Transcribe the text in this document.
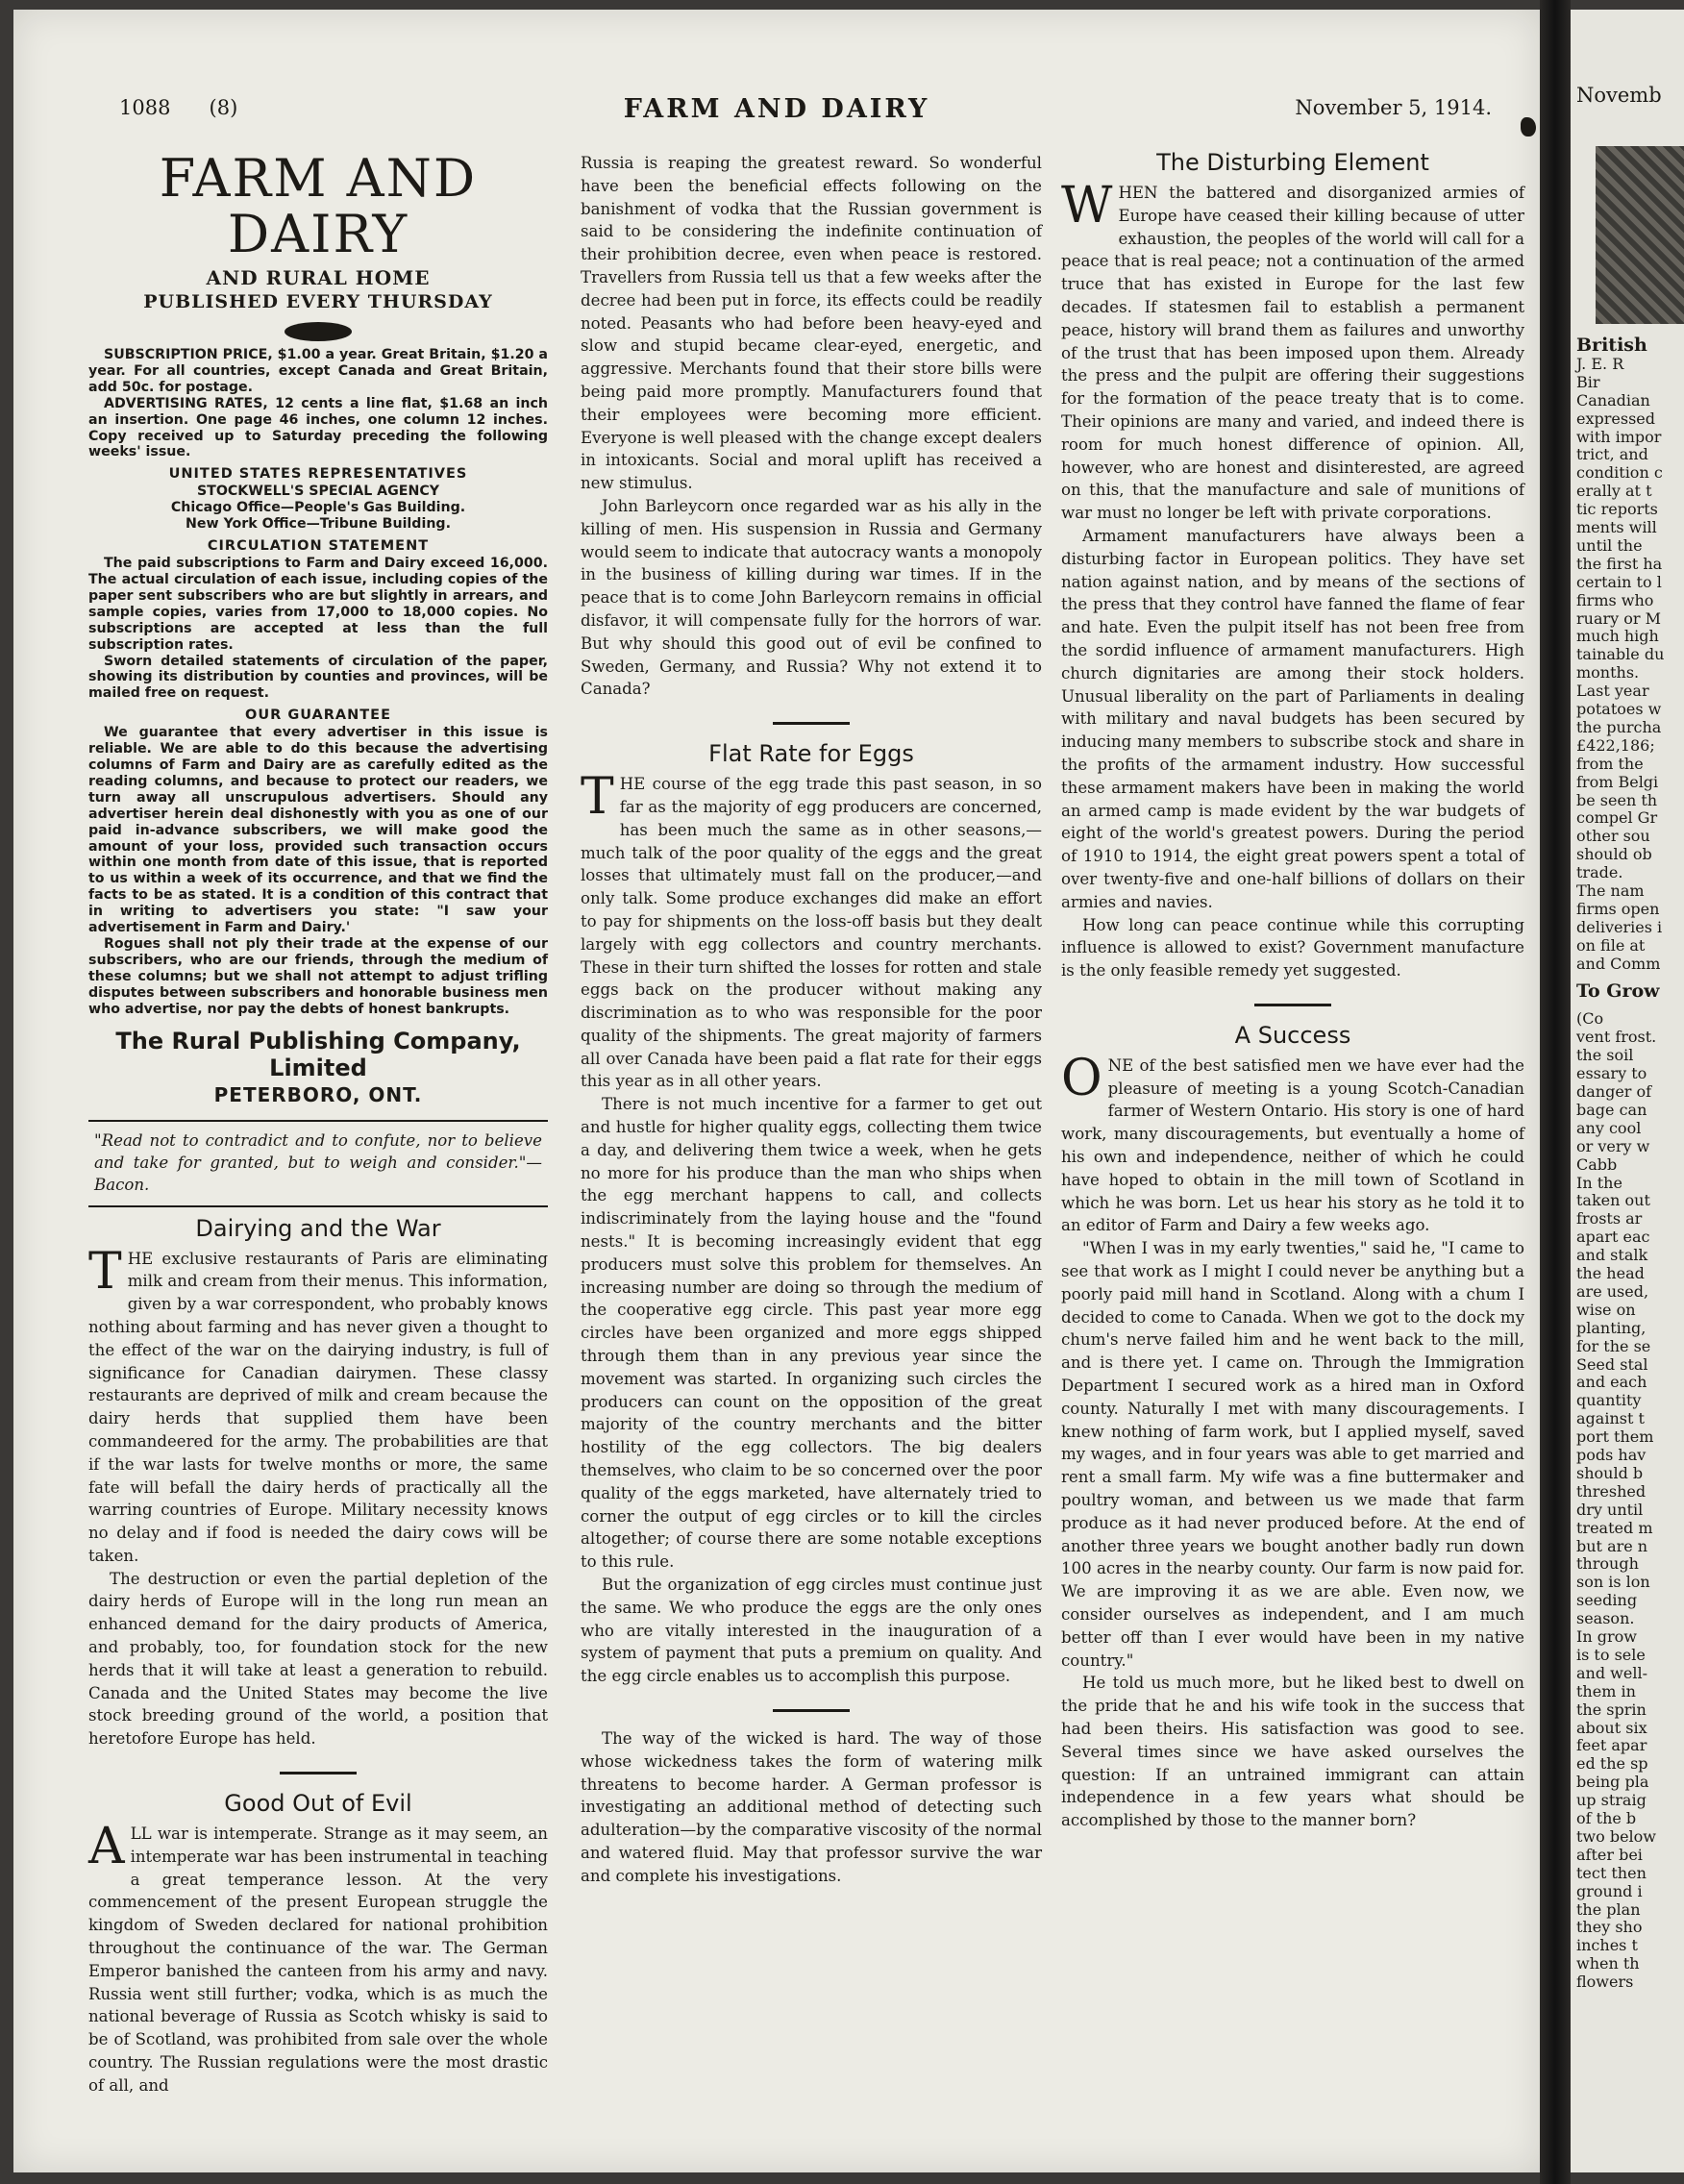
1088 (8)	FARM AND DAIRY	November 5, 1914.
FARM AND DAIRY
AND RURAL HOME
PUBLISHED EVERY THURSDAY

SUBSCRIPTION PRICE, $1.00 a year. Great Britain, $1.20 a year. For all countries, except Canada and Great Britain, add 50c. for postage.

ADVERTISING RATES, 12 cents a line flat, $1.68 an inch an insertion. One page 46 inches, one column 12 inches. Copy received up to Saturday preceding the following weeks' issue.

UNITED STATES REPRESENTATIVES

STOCKWELL'S SPECIAL AGENCY

Chicago Office—People's Gas Building.

New York Office—Tribune Building.

CIRCULATION STATEMENT

The paid subscriptions to Farm and Dairy exceed 16,000. The actual circulation of each issue, including copies of the paper sent subscribers who are but slightly in arrears, and sample copies, varies from 17,000 to 18,000 copies. No subscriptions are accepted at less than the full subscription rates.

Sworn detailed statements of circulation of the paper, showing its distribution by counties and provinces, will be mailed free on request.

OUR GUARANTEE

We guarantee that every advertiser in this issue is reliable. We are able to do this because the advertising columns of Farm and Dairy are as carefully edited as the reading columns, and because to protect our readers, we turn away all unscrupulous advertisers. Should any advertiser herein deal dishonestly with you as one of our paid in-advance subscribers, we will make good the amount of your loss, provided such transaction occurs within one month from date of this issue, that is reported to us within a week of its occurrence, and that we find the facts to be as stated. It is a condition of this contract that in writing to advertisers you state: "I saw your advertisement in Farm and Dairy.'

Rogues shall not ply their trade at the expense of our subscribers, who are our friends, through the medium of these columns; but we shall not attempt to adjust trifling disputes between subscribers and honorable business men who advertise, nor pay the debts of honest bankrupts.

The Rural Publishing Company, Limited
PETERBORO, ONT.

"Read not to contradict and to confute, nor to believe and take for granted, but to weigh and consider."—Bacon.

Dairying and the War

THE exclusive restaurants of Paris are eliminating milk and cream from their menus. This information, given by a war correspondent, who probably knows nothing about farming and has never given a thought to the effect of the war on the dairying industry, is full of significance for Canadian dairymen. These classy restaurants are deprived of milk and cream because the dairy herds that supplied them have been commandeered for the army. The probabilities are that if the war lasts for twelve months or more, the same fate will befall the dairy herds of practically all the warring countries of Europe. Military necessity knows no delay and if food is needed the dairy cows will be taken.

The destruction or even the partial depletion of the dairy herds of Europe will in the long run mean an enhanced demand for the dairy products of America, and probably, too, for foundation stock for the new herds that it will take at least a generation to rebuild. Canada and the United States may become the live stock breeding ground of the world, a position that heretofore Europe has held.

Good Out of Evil

ALL war is intemperate. Strange as it may seem, an intemperate war has been instrumental in teaching a great temperance lesson. At the very commencement of the present European struggle the kingdom of Sweden declared for national prohibition throughout the continuance of the war. The German Emperor banished the canteen from his army and navy. Russia went still further; vodka, which is as much the national beverage of Russia as Scotch whisky is said to be of Scotland, was prohibited from sale over the whole country. The Russian regulations were the most drastic of all, and

Russia is reaping the greatest reward. So wonderful have been the beneficial effects following on the banishment of vodka that the Russian government is said to be considering the indefinite continuation of their prohibition decree, even when peace is restored. Travellers from Russia tell us that a few weeks after the decree had been put in force, its effects could be readily noted. Peasants who had before been heavy-eyed and slow and stupid became clear-eyed, energetic, and aggressive. Merchants found that their store bills were being paid more promptly. Manufacturers found that their employees were becoming more efficient. Everyone is well pleased with the change except dealers in intoxicants. Social and moral uplift has received a new stimulus.

John Barleycorn once regarded war as his ally in the killing of men. His suspension in Russia and Germany would seem to indicate that autocracy wants a monopoly in the business of killing during war times. If in the peace that is to come John Barleycorn remains in official disfavor, it will compensate fully for the horrors of war. But why should this good out of evil be confined to Sweden, Germany, and Russia? Why not extend it to Canada?

Flat Rate for Eggs

THE course of the egg trade this past season, in so far as the majority of egg producers are concerned, has been much the same as in other seasons,—much talk of the poor quality of the eggs and the great losses that ultimately must fall on the producer,—and only talk. Some produce exchanges did make an effort to pay for shipments on the loss-off basis but they dealt largely with egg collectors and country merchants. These in their turn shifted the losses for rotten and stale eggs back on the producer without making any discrimination as to who was responsible for the poor quality of the shipments. The great majority of farmers all over Canada have been paid a flat rate for their eggs this year as in all other years.

There is not much incentive for a farmer to get out and hustle for higher quality eggs, collecting them twice a day, and delivering them twice a week, when he gets no more for his produce than the man who ships when the egg merchant happens to call, and collects indiscriminately from the laying house and the "found nests." It is becoming increasingly evident that egg producers must solve this problem for themselves. An increasing number are doing so through the medium of the cooperative egg circle. This past year more egg circles have been organized and more eggs shipped through them than in any previous year since the movement was started. In organizing such circles the producers can count on the opposition of the great majority of the country merchants and the bitter hostility of the egg collectors. The big dealers themselves, who claim to be so concerned over the poor quality of the eggs marketed, have alternately tried to corner the output of egg circles or to kill the circles altogether; of course there are some notable exceptions to this rule.

But the organization of egg circles must continue just the same. We who produce the eggs are the only ones who are vitally interested in the inauguration of a system of payment that puts a premium on quality. And the egg circle enables us to accomplish this purpose.

The way of the wicked is hard. The way of those whose wickedness takes the form of watering milk threatens to become harder. A German professor is investigating an additional method of detecting such adulteration—by the comparative viscosity of the normal and watered fluid. May that professor survive the war and complete his investigations.

The Disturbing Element

WHEN the battered and disorganized armies of Europe have ceased their killing because of utter exhaustion, the peoples of the world will call for a peace that is real peace; not a continuation of the armed truce that has existed in Europe for the last few decades. If statesmen fail to establish a permanent peace, history will brand them as failures and unworthy of the trust that has been imposed upon them. Already the press and the pulpit are offering their suggestions for the formation of the peace treaty that is to come. Their opinions are many and varied, and indeed there is room for much honest difference of opinion. All, however, who are honest and disinterested, are agreed on this, that the manufacture and sale of munitions of war must no longer be left with private corporations.

Armament manufacturers have always been a disturbing factor in European politics. They have set nation against nation, and by means of the sections of the press that they control have fanned the flame of fear and hate. Even the pulpit itself has not been free from the sordid influence of armament manufacturers. High church dignitaries are among their stock holders. Unusual liberality on the part of Parliaments in dealing with military and naval budgets has been secured by inducing many members to subscribe stock and share in the profits of the armament industry. How successful these armament makers have been in making the world an armed camp is made evident by the war budgets of eight of the world's greatest powers. During the period of 1910 to 1914, the eight great powers spent a total of over twenty-five and one-half billions of dollars on their armies and navies.

How long can peace continue while this corrupting influence is allowed to exist? Government manufacture is the only feasible remedy yet suggested.

A Success

ONE of the best satisfied men we have ever had the pleasure of meeting is a young Scotch-Canadian farmer of Western Ontario. His story is one of hard work, many discouragements, but eventually a home of his own and independence, neither of which he could have hoped to obtain in the mill town of Scotland in which he was born. Let us hear his story as he told it to an editor of Farm and Dairy a few weeks ago.

"When I was in my early twenties," said he, "I came to see that work as I might I could never be anything but a poorly paid mill hand in Scotland. Along with a chum I decided to come to Canada. When we got to the dock my chum's nerve failed him and he went back to the mill, and is there yet. I came on. Through the Immigration Department I secured work as a hired man in Oxford county. Naturally I met with many discouragements. I knew nothing of farm work, but I applied myself, saved my wages, and in four years was able to get married and rent a small farm. My wife was a fine buttermaker and poultry woman, and between us we made that farm produce as it had never produced before. At the end of another three years we bought another badly run down 100 acres in the nearby county. Our farm is now paid for. We are improving it as we are able. Even now, we consider ourselves as independent, and I am much better off than I ever would have been in my native country."

He told us much more, but he liked best to dwell on the pride that he and his wife took in the success that had been theirs. His satisfaction was good to see. Several times since we have asked ourselves the question: If an untrained immigrant can attain independence in a few years what should be accomplished by those to the manner born?

Novemb
British
J. E. R
Bir
Canadian
expressed
with impor
trict, and
condition c
erally at t
tic reports
ments will
until the
the first ha
certain to l
firms who
ruary or M
much high
tainable du
months.
Last year
potatoes w
the purcha
£422,186;
from the
from Belgi
be seen th
compel Gr
other sou
should ob
trade.
The nam
firms open
deliveries i
on file at
and Comm
To Grow
(Co
vent frost.
the soil
essary to
danger of
bage can
any cool
or very w
Cabb
In the
taken out
frosts ar
apart eac
and stalk
the head
are used,
wise on
planting,
for the se
Seed stal
and each
quantity
against t
port them
pods hav
should b
threshed
dry until
treated m
but are n
through
son is lon
seeding
season.
In grow
is to sele
and well-
them in
the sprin
about six
feet apar
ed the sp
being pla
up straig
of the b
two below
after bei
tect then
ground i
the plan
they sho
inches t
when th
flowers
